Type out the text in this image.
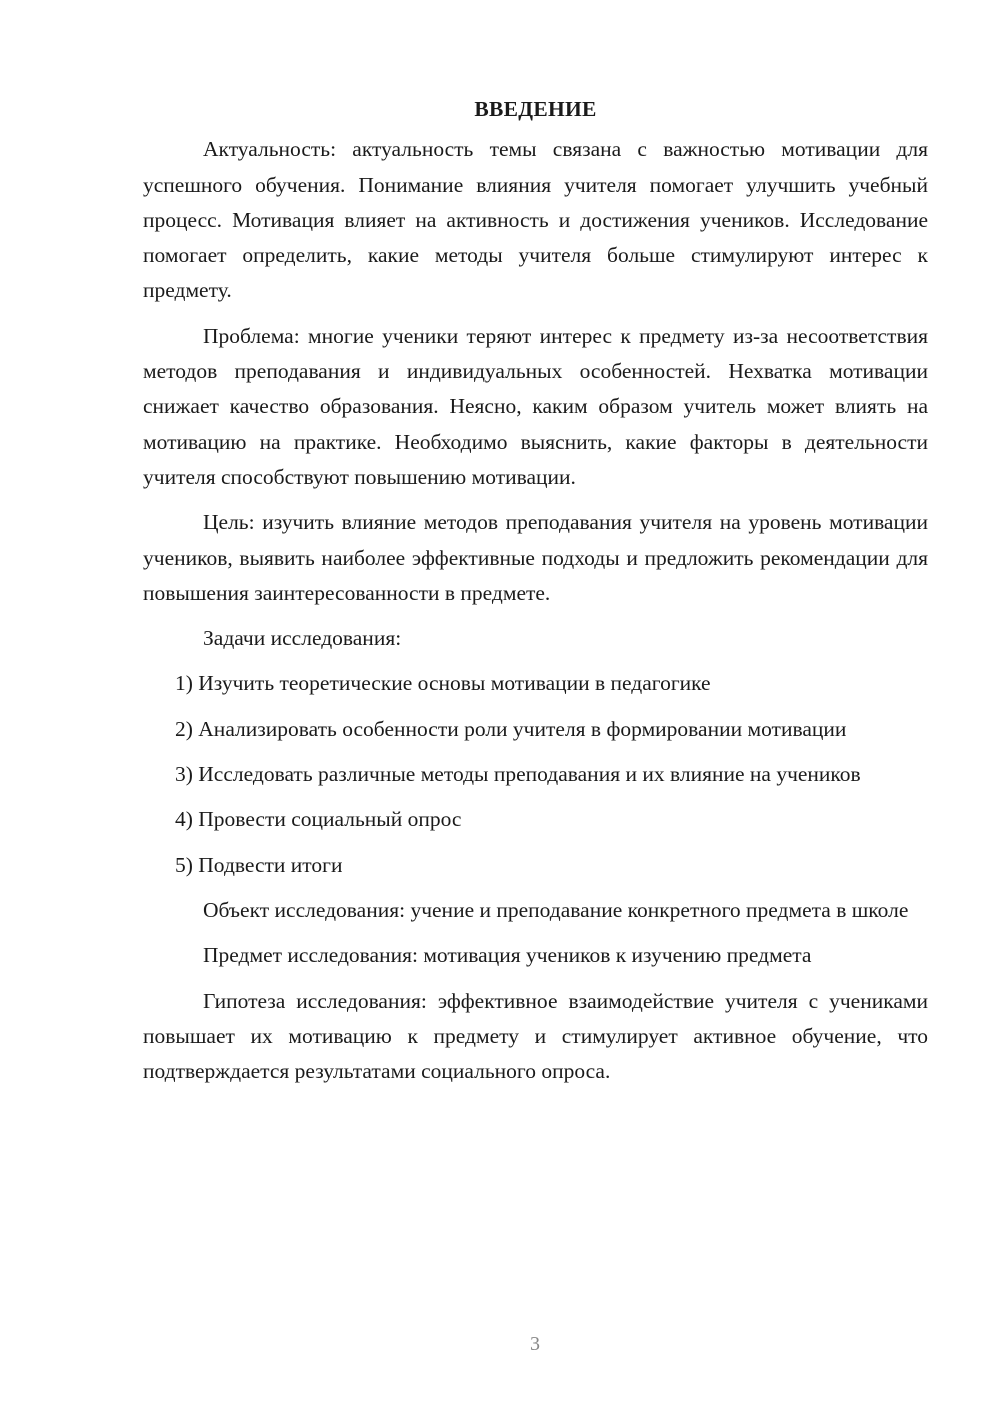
ВВЕДЕНИЕ

Актуальность: актуальность темы связана с важностью мотивации для успешного обучения. Понимание влияния учителя помогает улучшить учебный процесс. Мотивация влияет на активность и достижения учеников. Исследование помогает определить, какие методы учителя больше стимулируют интерес к предмету.

Проблема: многие ученики теряют интерес к предмету из-за несоответствия методов преподавания и индивидуальных особенностей. Нехватка мотивации снижает качество образования. Неясно, каким образом учитель может влиять на мотивацию на практике. Необходимо выяснить, какие факторы в деятельности учителя способствуют повышению мотивации.

Цель: изучить влияние методов преподавания учителя на уровень мотивации учеников, выявить наиболее эффективные подходы и предложить рекомендации для повышения заинтересованности в предмете.

Задачи исследования:

1) Изучить теоретические основы мотивации в педагогике

2) Анализировать особенности роли учителя в формировании мотивации

3) Исследовать различные методы преподавания и их влияние на учеников

4) Провести социальный опрос

5) Подвести итоги

Объект исследования: учение и преподавание конкретного предмета в школе

Предмет исследования: мотивация учеников к изучению предмета

Гипотеза исследования: эффективное взаимодействие учителя с учениками повышает их мотивацию к предмету и стимулирует активное обучение, что подтверждается результатами социального опроса.

3
